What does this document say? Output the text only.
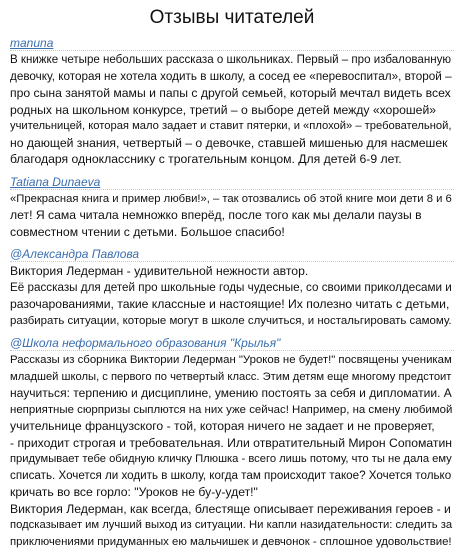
Отзывы читателей
manuna

В книжке четыре небольших рассказа о школьниках. Первый – про избалованную
девочку, которая не хотела ходить в школу, а сосед ее «перевоспитал», второй –
про сына занятой мамы и папы с другой семьей, который мечтал видеть всех
родных на школьном конкурсе, третий – о выборе детей между «хорошей»
учительницей, которая мало задает и ставит пятерки, и «плохой» – требовательной,
но дающей знания, четвертый – о девочке, ставшей мишенью для насмешек
благодаря однокласснику с трогательным концом. Для детей 6-9 лет.

Tatiana Dunaeva

«Прекрасная книга и пример любви!», – так отозвались об этой книге мои дети 8 и 6
лет! Я сама читала немножко вперёд, после того как мы делали паузы в
совместном чтении с детьми. Большое спасибо!

@Александра Павлова

Виктория Ледерман - удивительной нежности автор.
Её рассказы для детей про школьные годы чудесные, со своими приколдесами и
разочарованиями, такие классные и настоящие! Их полезно читать с детьми,
разбирать ситуации, которые могут в школе случиться, и ностальгировать самому.

@Школа неформального образования "Крылья"

Рассказы из сборника Виктории Ледерман "Уроков не будет!" посвящены ученикам
младшей школы, с первого по четвертый класс. Этим детям еще многому предстоит
научиться: терпению и дисциплине, умению постоять за себя и дипломатии. А
неприятные сюрпризы сыплются на них уже сейчас! Например, на смену любимой
учительнице французского - той, которая ничего не задает и не проверяет,
- приходит строгая и требовательная. Или отвратительный Мирон Сопоматин
придумывает тебе обидную кличку Плюшка - всего лишь потому, что ты не дала ему
списать. Хочется ли ходить в школу, когда там происходит такое? Хочется только
кричать во все горло: "Уроков не бу-у-удет!"
Виктория Ледерман, как всегда, блестяще описывает переживания героев - и
подсказывает им лучший выход из ситуации. Ни капли назидательности: следить за
приключениями придуманных ею мальчишек и девчонок - сплошное удовольствие!
